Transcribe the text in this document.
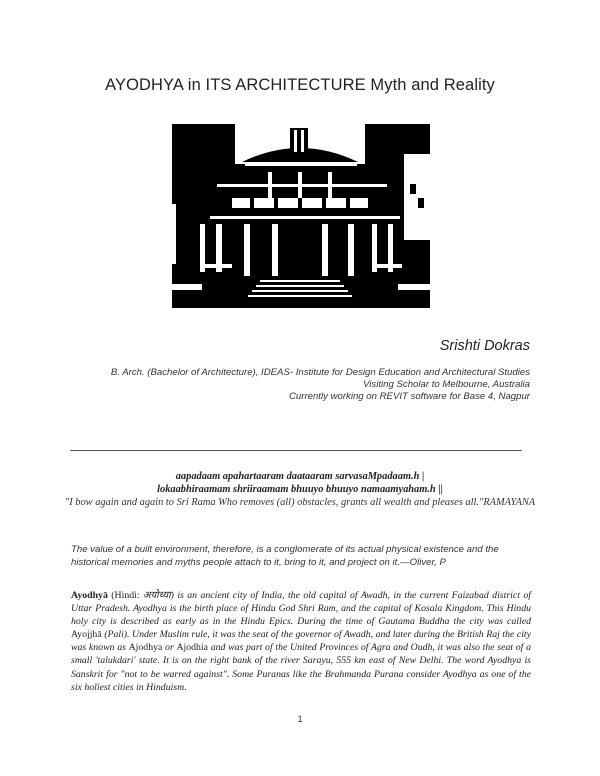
AYODHYA in ITS ARCHITECTURE Myth and Reality
Srishti Dokras
B. Arch. (Bachelor of Architecture), IDEAS- Institute for Design Education and Architectural Studies
Visiting Scholar to Melbourne, Australia
Currently working on REVIT software for Base 4, Nagpur
aapadaam apahartaaram daataaram sarvasaMpadaam.h |
lokaabhiraamam shriiraamam bhuuyo bhuuyo namaamyaham.h ||
"I bow again and again to Sri Rama Who removes (all) obstacles, grants all wealth and pleases all."RAMAYANA
The value of a built environment, therefore, is a conglomerate of its actual physical existence and the historical memories and myths people attach to it, bring to it, and project on it.—Oliver, P
Ayodhyā (Hindi: अयोध्या) is an ancient city of India, the old capital of Awadh, in the current Faizabad district of Uttar Pradesh. Ayodhya is the birth place of Hindu God Shri Ram, and the capital of Kosala Kingdom. This Hindu holy city is described as early as in the Hindu Epics. During the time of Gautama Buddha the city was called Ayojjhā (Pali). Under Muslim rule, it was the seat of the governor of Awadh, and later during the British Raj the city was known as Ajodhya or Ajodhia and was part of the United Provinces of Agra and Oudh, it was also the seat of a small 'talukdari' state. It is on the right bank of the river Sarayu, 555 km east of New Delhi. The word Ayodhya is Sanskrit for "not to be warred against". Some Puranas like the Brahmanda Purana consider Ayodhya as one of the six holiest cities in Hinduism.
1
